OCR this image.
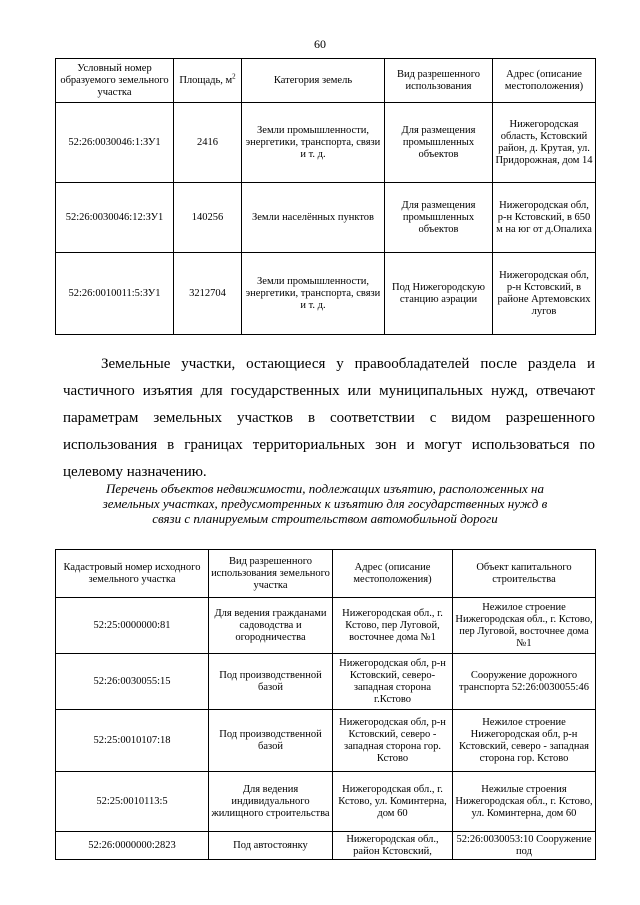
60
Условный номер образуемого земельного участка	Площадь, $м^2$	Категория земель	Вид разрешенного использования	Адрес (описание местоположения)
52:26:0030046:1:ЗУ1	2416	Земли промышленности, энергетики, транспорта, связи и т. д.	Для размещения промышленных объектов	Нижегородская область, Кстовский район, д. Крутая, ул. Придорожная, дом 14
52:26:0030046:12:ЗУ1	140256	Земли населённых пунктов	Для размещения промышленных объектов	Нижегородская обл, р-н Кстовский, в 650 м на юг от д.Опалиха
52:26:0010011:5:ЗУ1	3212704	Земли промышленности, энергетики, транспорта, связи и т. д.	Под Нижегородскую станцию аэрации	Нижегородская обл, р-н Кстовский, в районе Артемовских лугов
Земельные участки, остающиеся у правообладателей после раздела и
частичного изъятия для государственных или муниципальных нужд, отвечают
параметрам земельных участков в соответствии с видом разрешенного
использования в границах территориальных зон и могут использоваться по
целевому назначению.
Перечень объектов недвижимости, подлежащих изъятию, расположенных на
земельных участках, предусмотренных к изъятию для государственных нужд в
связи с планируемым строительством автомобильной дороги
Кадастровый номер исходного земельного участка	Вид разрешенного использования земельного участка	Адрес (описание местоположения)	Объект капитального строительства
52:25:0000000:81	Для ведения гражданами садоводства и огородничества	Нижегородская обл., г. Кстово, пер Луговой, восточнее дома №1	Нежилое строение Нижегородская обл., г. Кстово, пер Луговой, восточнее дома №1
52:26:0030055:15	Под производственной базой	Нижегородская обл, р-н Кстовский, северо-западная сторона г.Кстово	Сооружение дорожного транспорта 52:26:0030055:46
52:25:0010107:18	Под производственной базой	Нижегородская обл, р-н Кстовский, северо - западная сторона гор. Кстово	Нежилое строение Нижегородская обл, р-н Кстовский, северо - западная сторона гор. Кстово
52:25:0010113:5	Для ведения индивидуального жилищного строительства	Нижегородская обл., г. Кстово, ул. Коминтерна, дом 60	Нежилые строения Нижегородская обл., г. Кстово, ул. Коминтерна, дом 60
52:26:0000000:2823	Под автостоянку	Нижегородская обл., район Кстовский,	52:26:0030053:10 Сооружение под
